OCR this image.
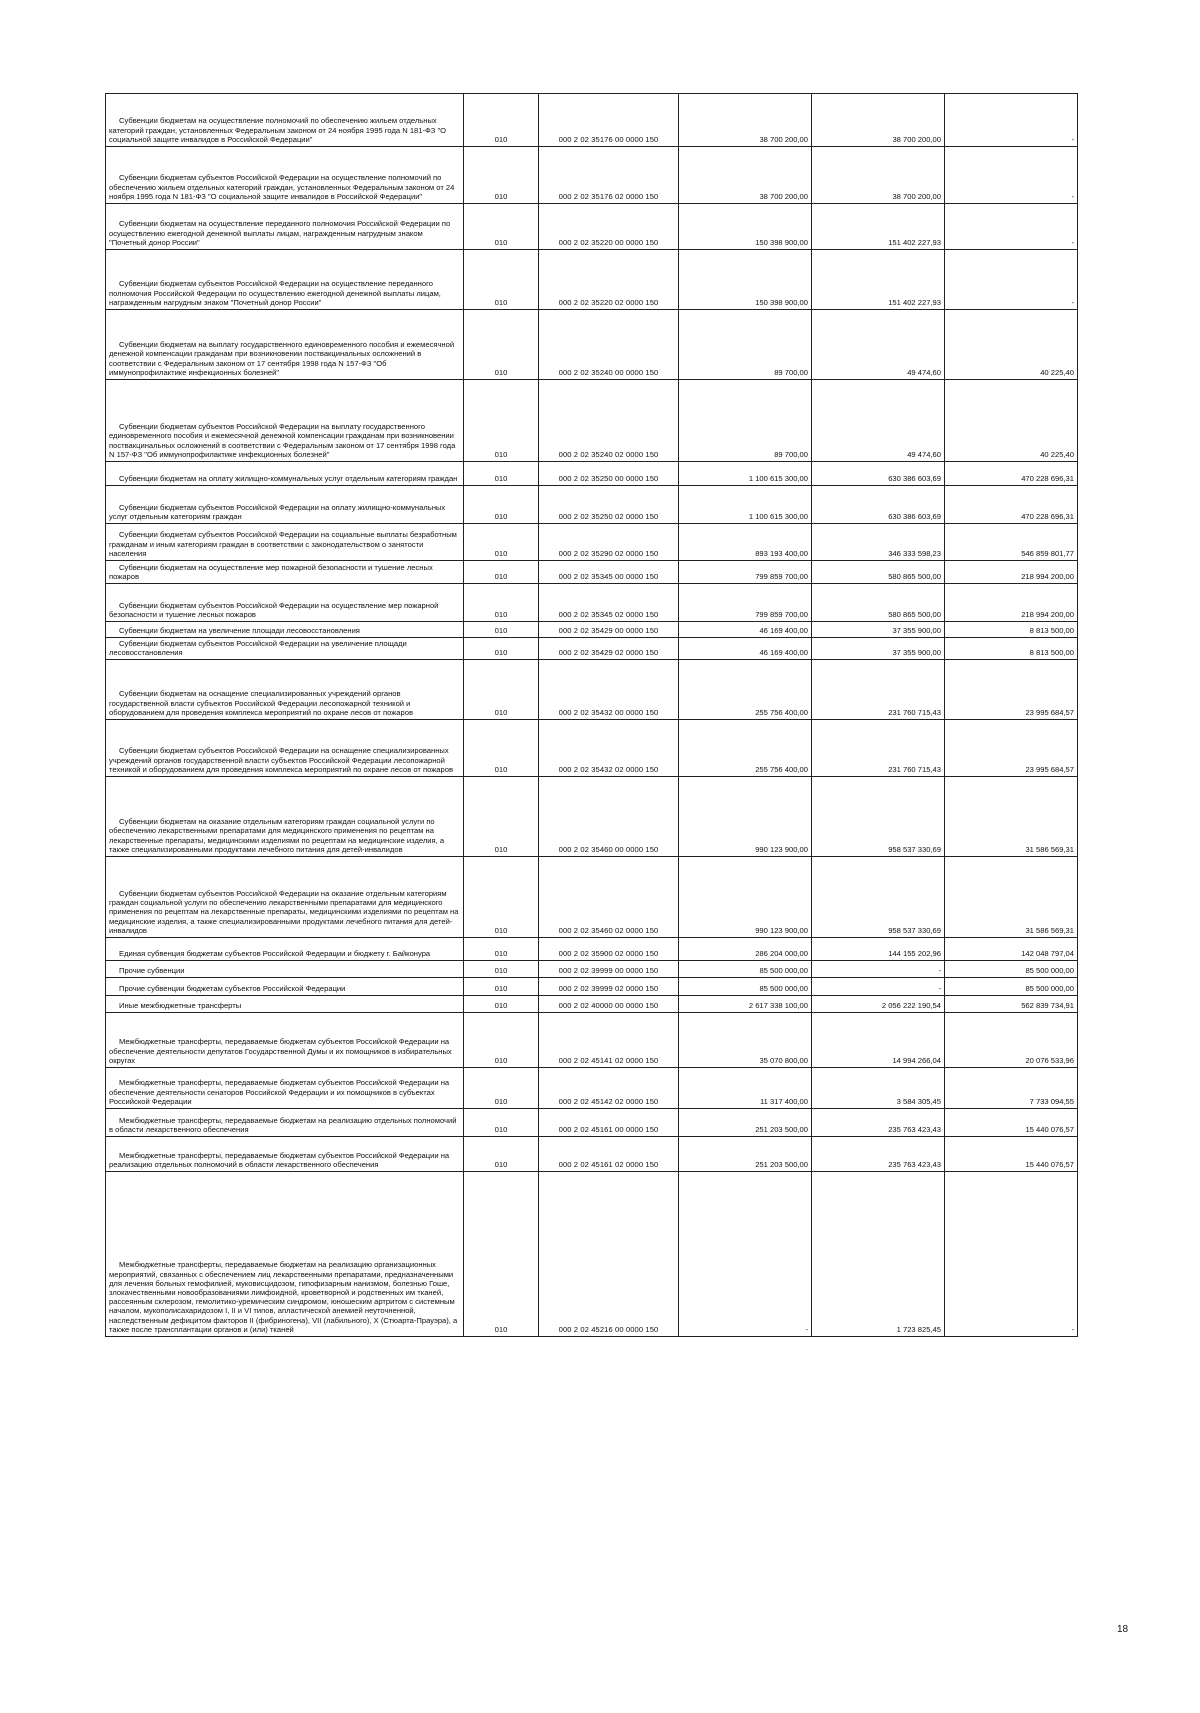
Субвенции бюджетам на осуществление полномочий по обеспечению жильем отдельных категорий граждан, установленных Федеральным законом от 24 ноября 1995 года N 181-ФЗ "О социальной защите инвалидов в Российской Федерации"	010	000 2 02 35176 00 0000 150	38 700 200,00	38 700 200,00	-

Субвенции бюджетам субъектов Российской Федерации на осуществление полномочий по обеспечению жильем отдельных категорий граждан, установленных Федеральным законом от 24 ноября 1995 года N 181-ФЗ "О социальной защите инвалидов в Российской Федерации"	010	000 2 02 35176 02 0000 150	38 700 200,00	38 700 200,00	-

Субвенции бюджетам на осуществление переданного полномочия Российской Федерации по осуществлению ежегодной денежной выплаты лицам, награжденным нагрудным знаком "Почетный донор России"	010	000 2 02 35220 00 0000 150	150 398 900,00	151 402 227,93	-

Субвенции бюджетам субъектов Российской Федерации на осуществление переданного полномочия Российской Федерации по осуществлению ежегодной денежной выплаты лицам, награжденным нагрудным знаком "Почетный донор России"	010	000 2 02 35220 02 0000 150	150 398 900,00	151 402 227,93	-

Субвенции бюджетам на выплату государственного единовременного пособия и ежемесячной денежной компенсации гражданам при возникновении поствакцинальных осложнений в соответствии с Федеральным законом от 17 сентября 1998 года N 157-ФЗ "Об иммунопрофилактике инфекционных болезней"	010	000 2 02 35240 00 0000 150	89 700,00	49 474,60	40 225,40

Субвенции бюджетам субъектов Российской Федерации на выплату государственного единовременного пособия и ежемесячной денежной компенсации гражданам при возникновении поствакцинальных осложнений в соответствии с Федеральным законом от 17 сентября 1998 года N 157-ФЗ "Об иммунопрофилактике инфекционных болезней"	010	000 2 02 35240 02 0000 150	89 700,00	49 474,60	40 225,40

Субвенции бюджетам на оплату жилищно-коммунальных услуг отдельным категориям граждан	010	000 2 02 35250 00 0000 150	1 100 615 300,00	630 386 603,69	470 228 696,31

Субвенции бюджетам субъектов Российской Федерации на оплату жилищно-коммунальных услуг отдельным категориям граждан	010	000 2 02 35250 02 0000 150	1 100 615 300,00	630 386 603,69	470 228 696,31

Субвенции бюджетам субъектов Российской Федерации на социальные выплаты безработным гражданам и иным категориям граждан в соответствии с законодательством о занятости населения	010	000 2 02 35290 02 0000 150	893 193 400,00	346 333 598,23	546 859 801,77

Субвенции бюджетам на осуществление мер пожарной безопасности и тушение лесных пожаров	010	000 2 02 35345 00 0000 150	799 859 700,00	580 865 500,00	218 994 200,00

Субвенции бюджетам субъектов Российской Федерации на осуществление мер пожарной безопасности и тушение лесных пожаров	010	000 2 02 35345 02 0000 150	799 859 700,00	580 865 500,00	218 994 200,00

Субвенции бюджетам на увеличение площади лесовосстановления	010	000 2 02 35429 00 0000 150	46 169 400,00	37 355 900,00	8 813 500,00

Субвенции бюджетам субъектов Российской Федерации на увеличение площади лесовосстановления	010	000 2 02 35429 02 0000 150	46 169 400,00	37 355 900,00	8 813 500,00

Субвенции бюджетам на оснащение специализированных учреждений органов государственной власти субъектов Российской Федерации лесопожарной техникой и оборудованием для проведения комплекса мероприятий по охране лесов от пожаров	010	000 2 02 35432 00 0000 150	255 756 400,00	231 760 715,43	23 995 684,57

Субвенции бюджетам субъектов Российской Федерации на оснащение специализированных учреждений органов государственной власти субъектов Российской Федерации лесопожарной техникой и оборудованием для проведения комплекса мероприятий по охране лесов от пожаров	010	000 2 02 35432 02 0000 150	255 756 400,00	231 760 715,43	23 995 684,57

Субвенции бюджетам на оказание отдельным категориям граждан социальной услуги по обеспечению лекарственными препаратами для медицинского применения по рецептам на лекарственные препараты, медицинскими изделиями по рецептам на медицинские изделия, а также специализированными продуктами лечебного питания для детей-инвалидов	010	000 2 02 35460 00 0000 150	990 123 900,00	958 537 330,69	31 586 569,31

Субвенции бюджетам субъектов Российской Федерации на оказание отдельным категориям граждан социальной услуги по обеспечению лекарственными препаратами для медицинского применения по рецептам на лекарственные препараты, медицинскими изделиями по рецептам на медицинские изделия, а также специализированными продуктами лечебного питания для детей-инвалидов	010	000 2 02 35460 02 0000 150	990 123 900,00	958 537 330,69	31 586 569,31

Единая субвенция бюджетам субъектов Российской Федерации и бюджету г. Байконура	010	000 2 02 35900 02 0000 150	286 204 000,00	144 155 202,96	142 048 797,04

Прочие субвенции	010	000 2 02 39999 00 0000 150	85 500 000,00	-	85 500 000,00

Прочие субвенции бюджетам субъектов Российской Федерации	010	000 2 02 39999 02 0000 150	85 500 000,00	-	85 500 000,00

Иные межбюджетные трансферты	010	000 2 02 40000 00 0000 150	2 617 338 100,00	2 056 222 190,54	562 839 734,91

Межбюджетные трансферты, передаваемые бюджетам субъектов Российской Федерации на обеспечение деятельности депутатов Государственной Думы и их помощников в избирательных округах	010	000 2 02 45141 02 0000 150	35 070 800,00	14 994 266,04	20 076 533,96

Межбюджетные трансферты, передаваемые бюджетам субъектов Российской Федерации на обеспечение деятельности сенаторов Российской Федерации и их помощников в субъектах Российской Федерации	010	000 2 02 45142 02 0000 150	11 317 400,00	3 584 305,45	7 733 094,55

Межбюджетные трансферты, передаваемые бюджетам на реализацию отдельных полномочий в области лекарственного обеспечения	010	000 2 02 45161 00 0000 150	251 203 500,00	235 763 423,43	15 440 076,57

Межбюджетные трансферты, передаваемые бюджетам субъектов Российской Федерации на реализацию отдельных полномочий в области лекарственного обеспечения	010	000 2 02 45161 02 0000 150	251 203 500,00	235 763 423,43	15 440 076,57

Межбюджетные трансферты, передаваемые бюджетам на реализацию организационных мероприятий, связанных с обеспечением лиц лекарственными препаратами, предназначенными для лечения больных гемофилией, муковисцидозом, гипофизарным нанизмом, болезнью Гоше, злокачественными новообразованиями лимфоидной, кроветворной и родственных им тканей, рассеянным склерозом, гемолитико-уремическим синдромом, юношеским артритом с системным началом, мукополисахаридозом I, II и VI типов, апластической анемией неуточненной, наследственным дефицитом факторов II (фибриногена), VII (лабильного), X (Стюарта-Прауэра), а также после трансплантации органов и (или) тканей	010	000 2 02 45216 00 0000 150	-	1 723 825,45	-
18
